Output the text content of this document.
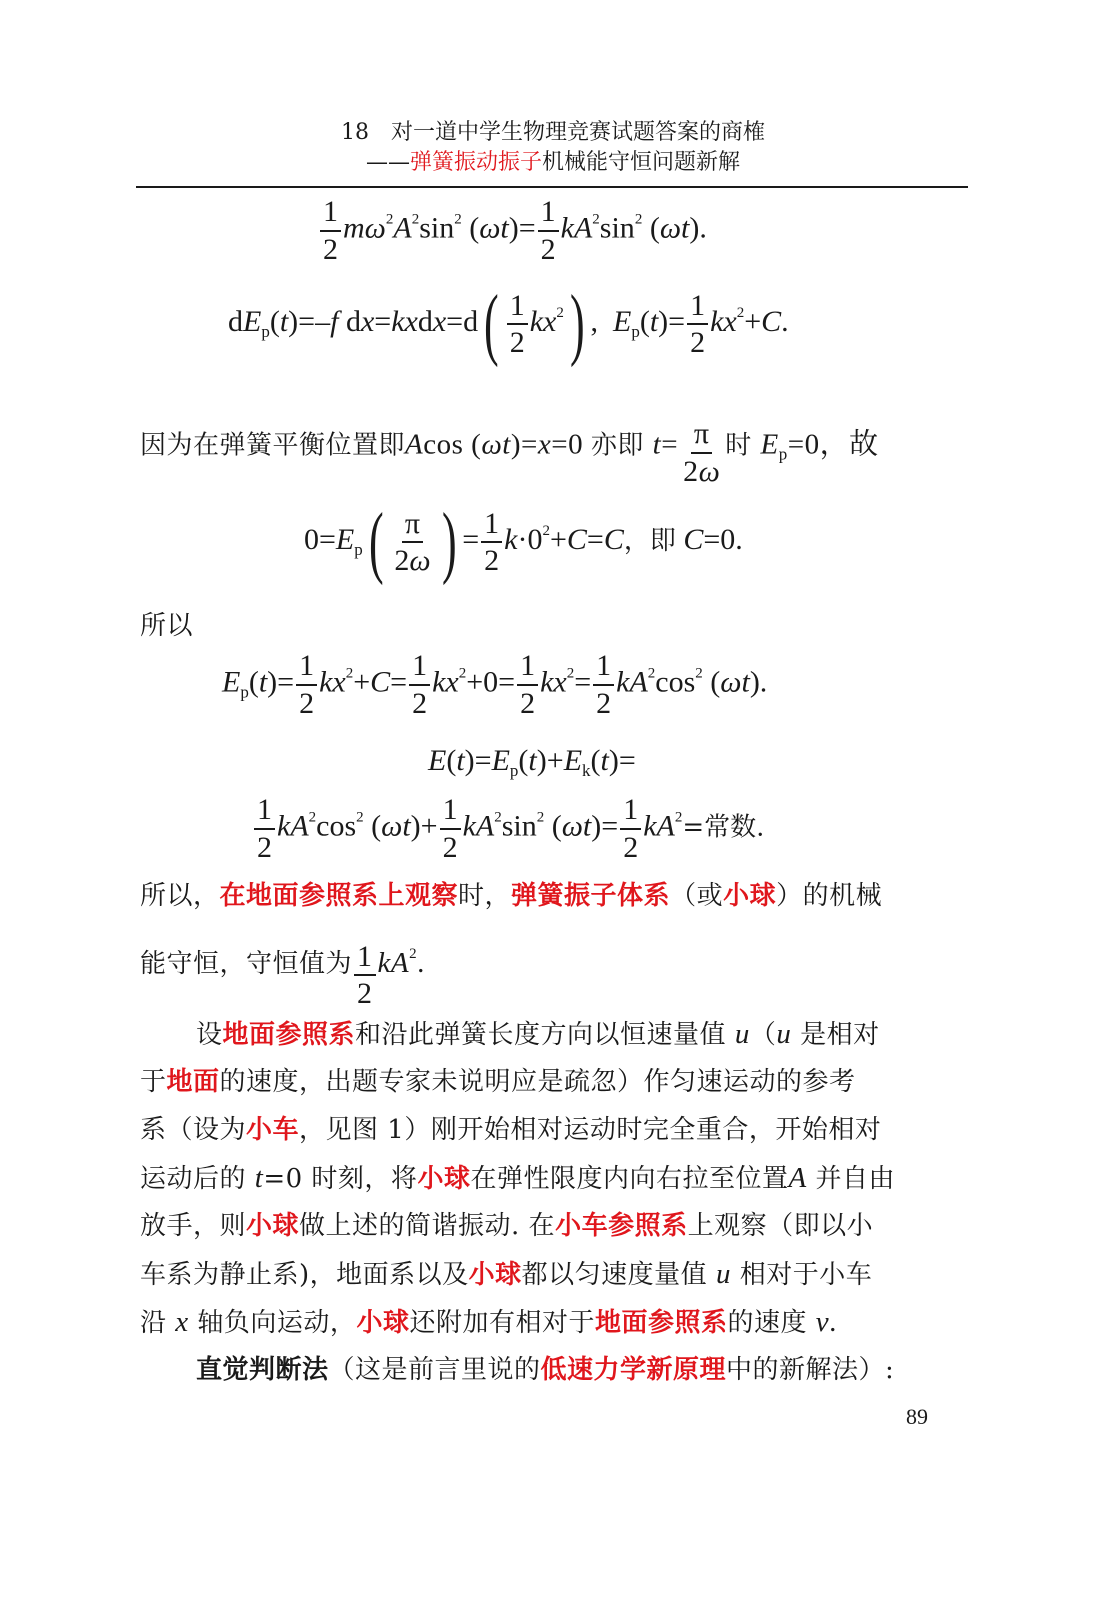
18　对一道中学生物理竞赛试题答案的商榷
——弹簧振动振子机械能守恒问题新解
$\frac{1}{2} m\omega^2A^2\sin^2$ $(\omega t)= \frac{1}{2} kA^2\sin^2$ (ωt).
$dE_p(t)=-f$ dx=kxdx=d( $\frac{1}{2} kx^2$) ,  $E_p(t)= \frac{1}{2} kx^2+C$.
因为在弹簧平衡位置即Acos (ωt)=x=0 亦即 $t= \frac{\pi}{2\omega}$ 时 $E_p=0$，故
$0=E_p( \frac{\pi}{2\omega}$ ) = $\frac{1}{2} k\cdot 0^2+C=C$，即 C=0.
所以
$E_p(t)= \frac{1}{2} kx^2+C= \frac{1}{2} kx^2+0= \frac{1}{2} kx^2= \frac{1}{2} kA^2\cos^2$ (ωt).
$E(t)=E_p(t)+E_k(t)=$
$\frac{1}{2} kA^2\cos^2$ $(\omega t)+ \frac{1}{2} kA^2\sin^2$ $(\omega t)= \frac{1}{2} kA^2=$常数.
所以，在地面参照系上观察时，弹簧振子体系（或小球）的机械
能守恒，守恒值为 $\frac{1}{2} kA^2$.
设地面参照系和沿此弹簧长度方向以恒速量值 u（u 是相对
于地面的速度，出题专家未说明应是疏忽）作匀速运动的参考
系（设为小车，见图 1）刚开始相对运动时完全重合，开始相对
运动后的 t=0 时刻，将小球在弹性限度内向右拉至位置A 并自由
放手，则小球做上述的简谐振动. 在小车参照系上观察（即以小
车系为静止系)，地面系以及小球都以匀速度量值 u 相对于小车
沿 x 轴负向运动，小球还附加有相对于地面参照系的速度 v.
直觉判断法（这是前言里说的低速力学新原理中的新解法）:
89
